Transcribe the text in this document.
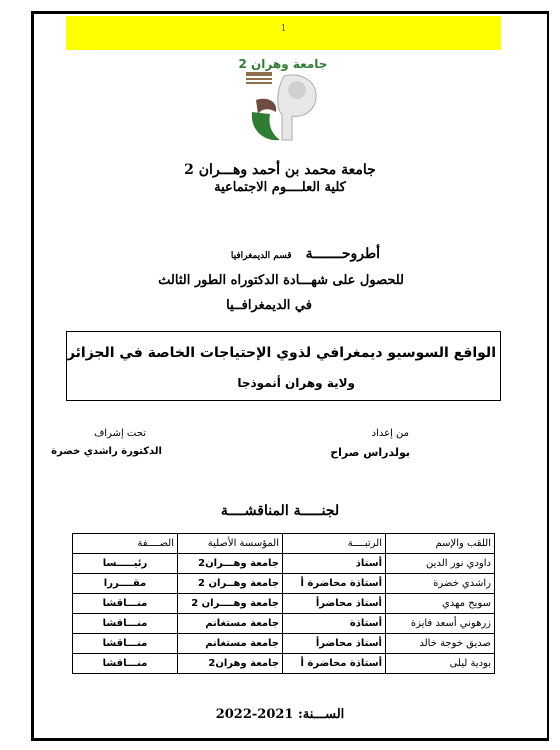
1
2 جامعة وهران
جامعة محمد بن أحمد وهـــران 2
كلية العلــــوم الاجتماعية
أطروحـــــــةقسم الديمغرافيا
للحصول على شهـــادة الدكتوراه الطور الثالث
في الديمغرافــيا
الواقع السوسيو ديمغرافي لذوي الإحتياجات الخاصة في الجزائر
ولاية وهران أنموذجا
من إعداد
تحت إشراف
بولدراس صراح
الدكتورة راشدي خضرة
لجنـــــة المناقشــــة
اللقب والإسم	الرتبــــة	المؤسسة الأصلية	الصــــفة
داودي نور الدين	أستاذ	جامعة وهـــران2	رئيـــــسا
راشدي خضرة	أستاذة محاضرة أ	جامعة وهــران 2	مقــــررا
سويح مهدي	أستاذ محاضرأ	جامعة وهــــران 2	منـــاقشا
زرهوني أسعد فايزة	أستاذة	جامعة مستغانم	منـــاقشا
صديق خوجة خالد	أستاذ محاضرأ	جامعة مستغانم	منـــاقشا
بودية ليلى	أستاذة محاضرة أ	جامعة وهران2	منـــاقشا
الســـنة: 2021-2022
